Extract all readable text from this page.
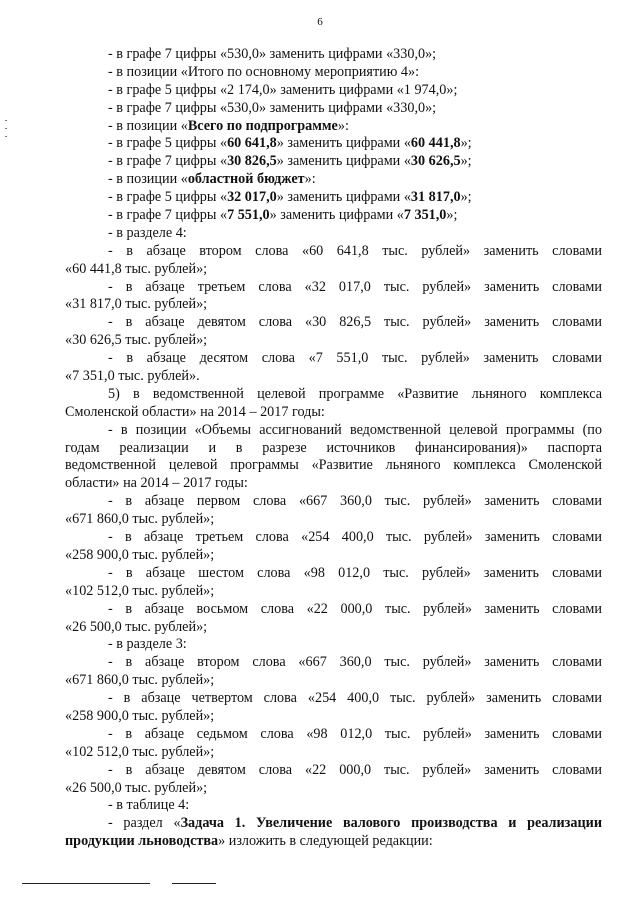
6
- в графе 7 цифры «530,0» заменить цифрами «330,0»;
- в позиции «Итого по основному мероприятию 4»:
- в графе 5 цифры «2 174,0» заменить цифрами «1 974,0»;
- в графе 7 цифры «530,0» заменить цифрами «330,0»;
- в позиции «Всего по подпрограмме»:
- в графе 5 цифры «60 641,8» заменить цифрами «60 441,8»;
- в графе 7 цифры «30 826,5» заменить цифрами «30 626,5»;
- в позиции «областной бюджет»:
- в графе 5 цифры «32 017,0» заменить цифрами «31 817,0»;
- в графе 7 цифры «7 551,0» заменить цифрами «7 351,0»;
- в разделе 4:
- в абзаце втором слова «60 641,8 тыс. рублей» заменить словами
«60 441,8 тыс. рублей»;
- в абзаце третьем слова «32 017,0 тыс. рублей» заменить словами
«31 817,0 тыс. рублей»;
- в абзаце девятом слова «30 826,5 тыс. рублей» заменить словами
«30 626,5 тыс. рублей»;
- в абзаце десятом слова «7 551,0 тыс. рублей» заменить словами
«7 351,0 тыс. рублей».
5) в ведомственной целевой программе «Развитие льняного комплекса
Смоленской области» на 2014 – 2017 годы:
- в позиции «Объемы ассигнований ведомственной целевой программы (по
годам реализации и в разрезе источников финансирования)» паспорта
ведомственной целевой программы «Развитие льняного комплекса Смоленской
области» на 2014 – 2017 годы:
- в абзаце первом слова «667 360,0 тыс. рублей» заменить словами
«671 860,0 тыс. рублей»;
- в абзаце третьем слова «254 400,0 тыс. рублей» заменить словами
«258 900,0 тыс. рублей»;
- в абзаце шестом слова «98 012,0 тыс. рублей» заменить словами
«102 512,0 тыс. рублей»;
- в абзаце восьмом слова «22 000,0 тыс. рублей» заменить словами
«26 500,0 тыс. рублей»;
- в разделе 3:
- в абзаце втором слова «667 360,0 тыс. рублей» заменить словами
«671 860,0 тыс. рублей»;
- в абзаце четвертом слова «254 400,0 тыс. рублей» заменить словами
«258 900,0 тыс. рублей»;
- в абзаце седьмом слова «98 012,0 тыс. рублей» заменить словами
«102 512,0 тыс. рублей»;
- в абзаце девятом слова «22 000,0 тыс. рублей» заменить словами
«26 500,0 тыс. рублей»;
- в таблице 4:
- раздел «Задача 1. Увеличение валового производства и реализации
продукции льноводства» изложить в следующей редакции:
